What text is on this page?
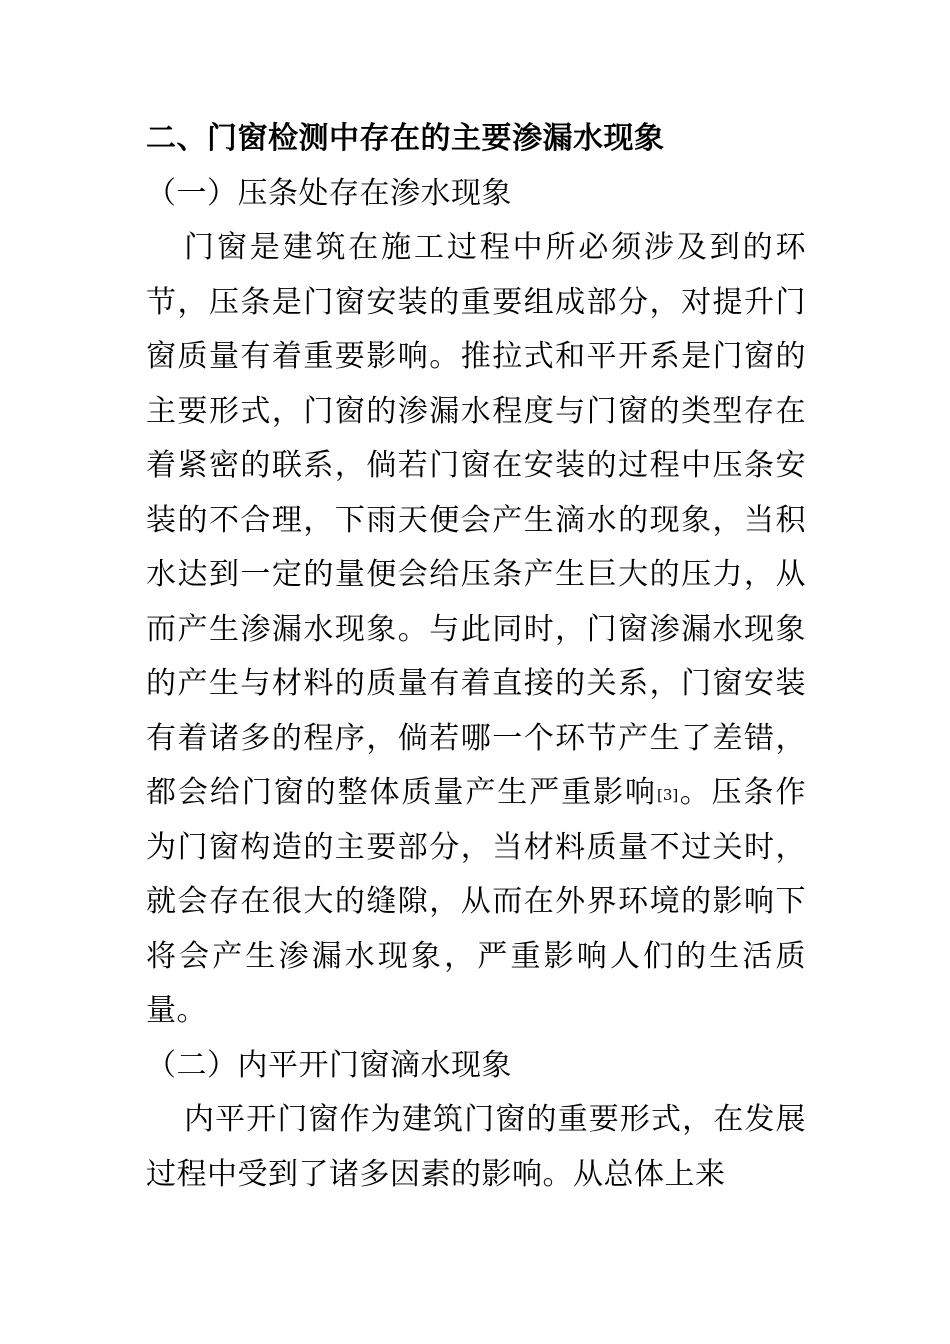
二、门窗检测中存在的主要渗漏水现象
（一）压条处存在渗水现象

门窗是建筑在施工过程中所必须涉及到的环节，压条是门窗安装的重要组成部分，对提升门窗质量有着重要影响。推拉式和平开系是门窗的主要形式，门窗的渗漏水程度与门窗的类型存在着紧密的联系，倘若门窗在安装的过程中压条安装的不合理，下雨天便会产生滴水的现象，当积水达到一定的量便会给压条产生巨大的压力，从而产生渗漏水现象。与此同时，门窗渗漏水现象的产生与材料的质量有着直接的关系，门窗安装有着诸多的程序，倘若哪一个环节产生了差错，都会给门窗的整体质量产生严重影响[3]。压条作为门窗构造的主要部分，当材料质量不过关时，就会存在很大的缝隙，从而在外界环境的影响下将会产生渗漏水现象，严重影响人们的生活质量。

（二）内平开门窗滴水现象

内平开门窗作为建筑门窗的重要形式，在发展过程中受到了诸多因素的影响。从总体上来
